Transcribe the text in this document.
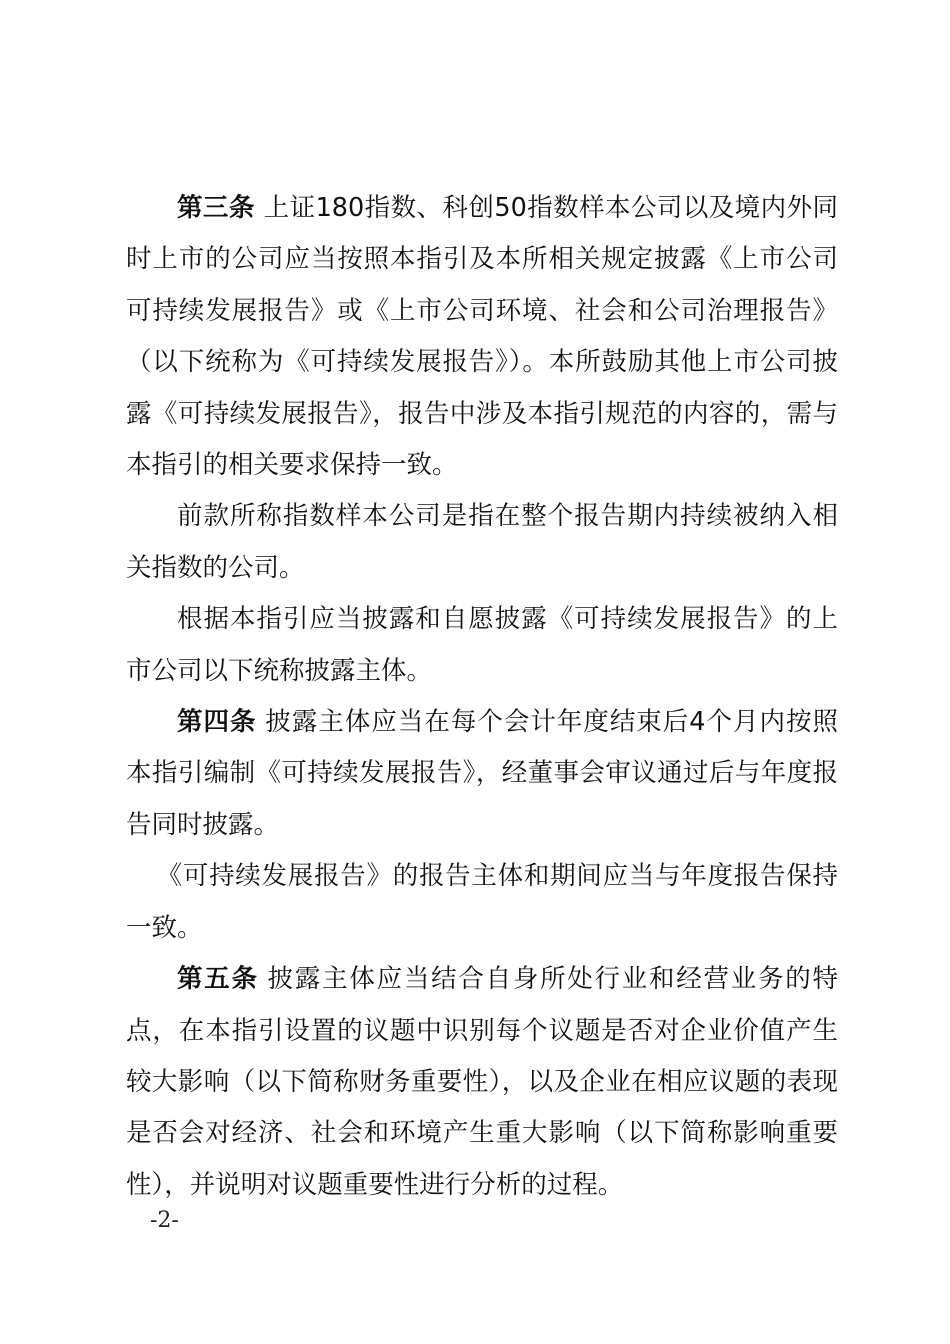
第三条 上证180指数、科创50指数样本公司以及境内外同时上市的公司应当按照本指引及本所相关规定披露《上市公司可持续发展报告》或《上市公司环境、社会和公司治理报告》（以下统称为《可持续发展报告》）。本所鼓励其他上市公司披露《可持续发展报告》，报告中涉及本指引规范的内容的，需与本指引的相关要求保持一致。

前款所称指数样本公司是指在整个报告期内持续被纳入相关指数的公司。

根据本指引应当披露和自愿披露《可持续发展报告》的上市公司以下统称披露主体。

第四条 披露主体应当在每个会计年度结束后4个月内按照本指引编制《可持续发展报告》，经董事会审议通过后与年度报告同时披露。

《可持续发展报告》的报告主体和期间应当与年度报告保持一致。

第五条 披露主体应当结合自身所处行业和经营业务的特点，在本指引设置的议题中识别每个议题是否对企业价值产生较大影响（以下简称财务重要性），以及企业在相应议题的表现是否会对经济、社会和环境产生重大影响（以下简称影响重要性），并说明对议题重要性进行分析的过程。

-2-
